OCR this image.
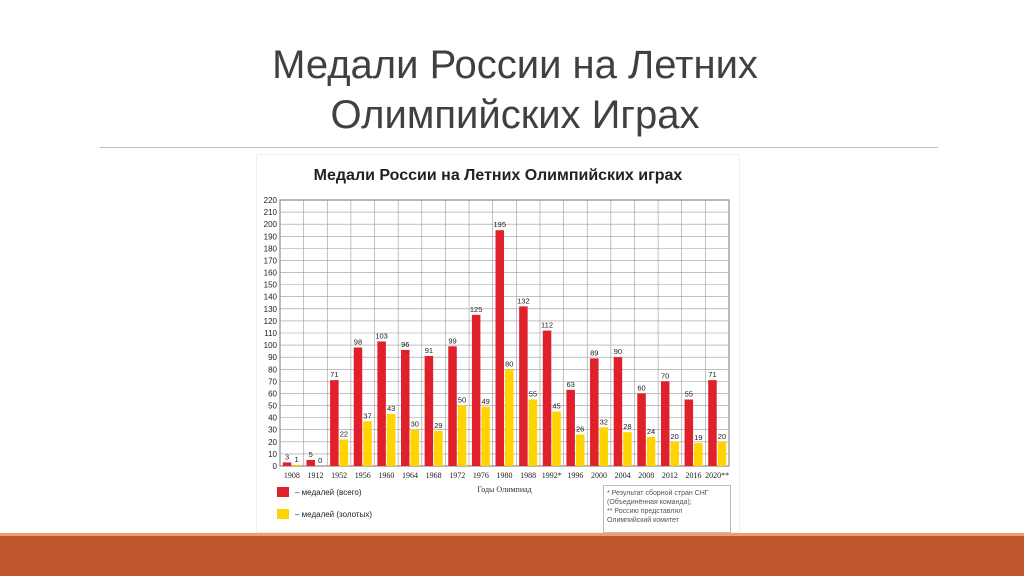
Медали России на Летних
Олимпийских Играх
Медали России на Летних Олимпийских играх
0
10
20
30
40
50
60
70
80
90
100
110
120
130
140
150
160
170
180
190
200
210
220
3 1
1908
5
0
1912
71
22
1952
98
37
1956
103
43
1960
96
30
1964
91
29
1968
99
50
1972
125
49
1976
195
80
1980
132
55
1988
112
45
1992*
63
26
1996
89
32
2000
90
28
2004
60
24
2008
70
20
2012
55
19
2016
71
20
2020**
Годы Олимпиад
– медалей (всего)
– медалей (золотых)
* Результат сборной стран СНГ
(Объединённая команда);
** Россию представлял
Олимпийский комитет
